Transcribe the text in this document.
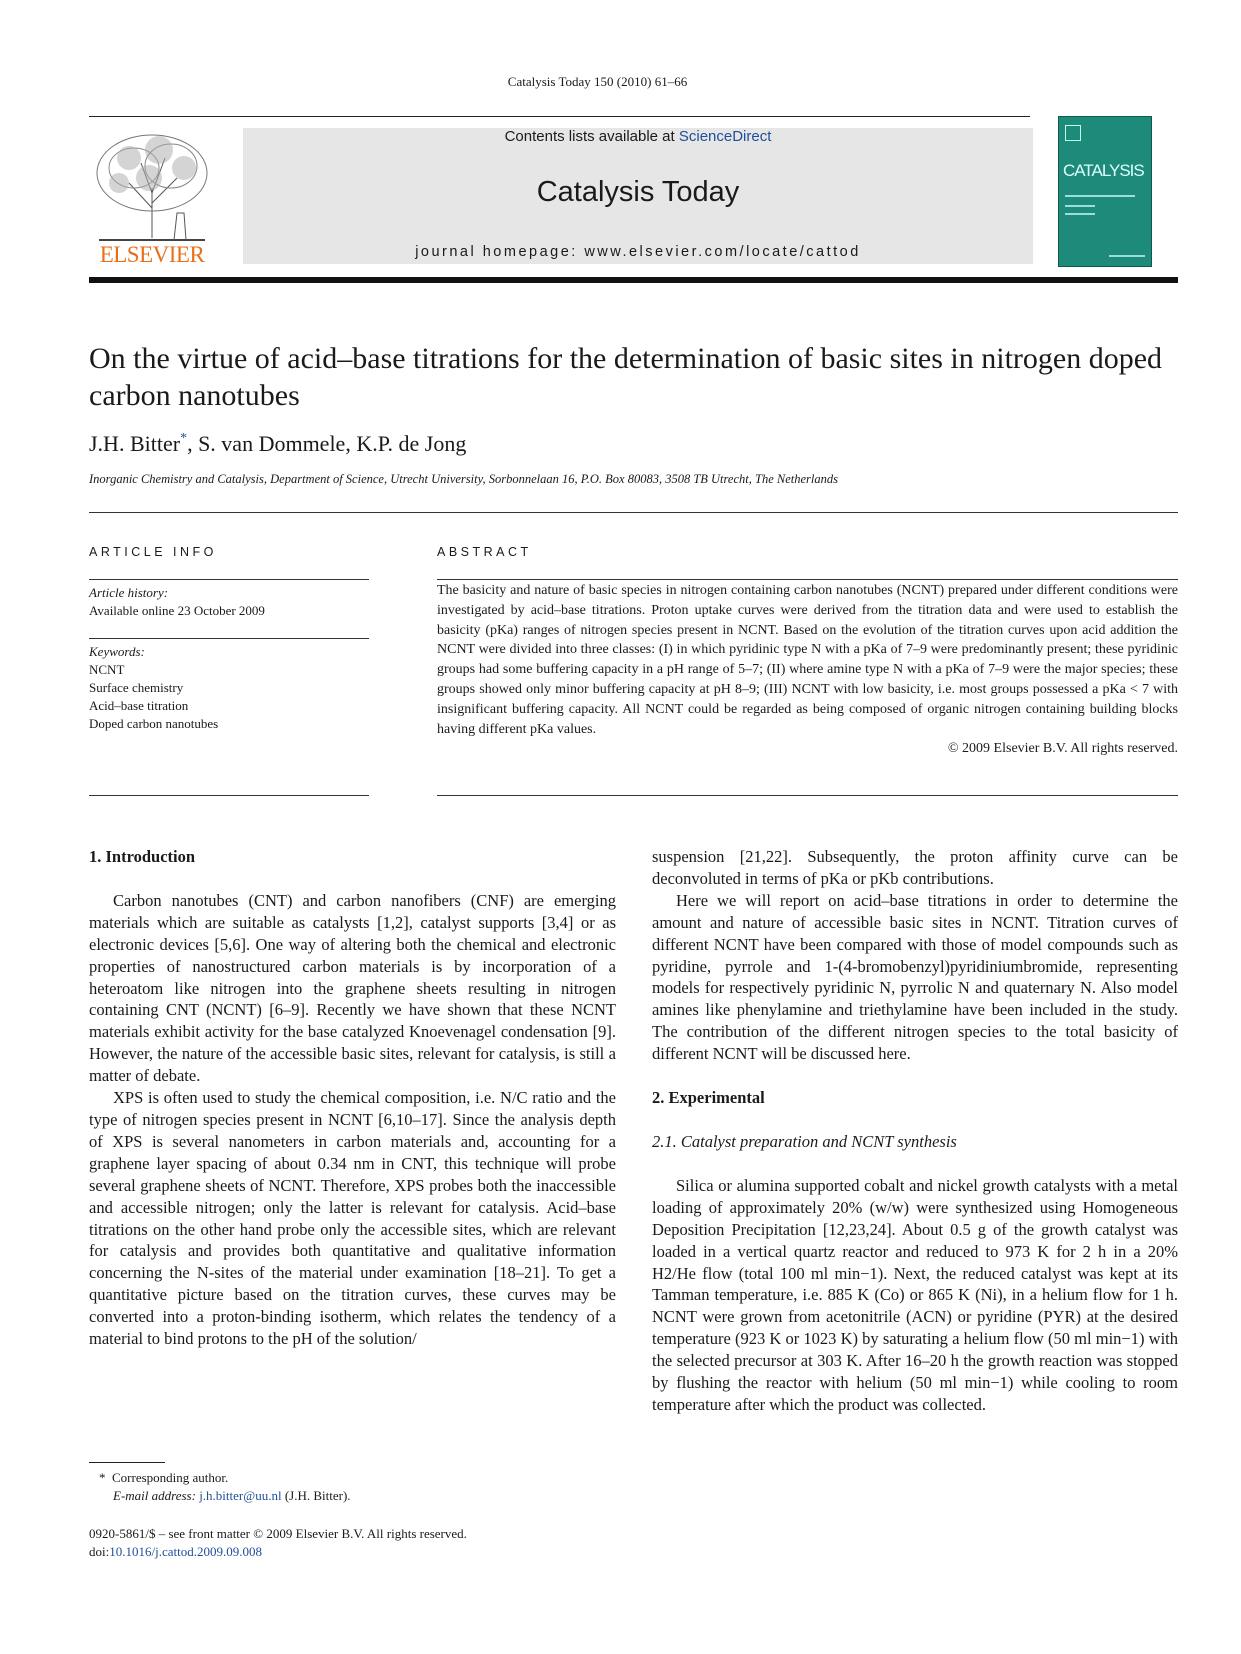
Catalysis Today 150 (2010) 61–66
ELSEVIER
Contents lists available at ScienceDirect
Catalysis Today
journal homepage: www.elsevier.com/locate/cattod
CATALYSIS
On the virtue of acid–base titrations for the determination of basic sites in nitrogen doped carbon nanotubes
J.H. Bitter*, S. van Dommele, K.P. de Jong
Inorganic Chemistry and Catalysis, Department of Science, Utrecht University, Sorbonnelaan 16, P.O. Box 80083, 3508 TB Utrecht, The Netherlands
ARTICLE INFO
Article history:
Available online 23 October 2009
Keywords:
NCNT
Surface chemistry
Acid–base titration
Doped carbon nanotubes
ABSTRACT
The basicity and nature of basic species in nitrogen containing carbon nanotubes (NCNT) prepared under different conditions were investigated by acid–base titrations. Proton uptake curves were derived from the titration data and were used to establish the basicity (pKa) ranges of nitrogen species present in NCNT. Based on the evolution of the titration curves upon acid addition the NCNT were divided into three classes: (I) in which pyridinic type N with a pKa of 7–9 were predominantly present; these pyridinic groups had some buffering capacity in a pH range of 5–7; (II) where amine type N with a pKa of 7–9 were the major species; these groups showed only minor buffering capacity at pH 8–9; (III) NCNT with low basicity, i.e. most groups possessed a pKa < 7 with insignificant buffering capacity. All NCNT could be regarded as being composed of organic nitrogen containing building blocks having different pKa values.
© 2009 Elsevier B.V. All rights reserved.
1. Introduction

Carbon nanotubes (CNT) and carbon nanofibers (CNF) are emerging materials which are suitable as catalysts [1,2], catalyst supports [3,4] or as electronic devices [5,6]. One way of altering both the chemical and electronic properties of nanostructured carbon materials is by incorporation of a heteroatom like nitrogen into the graphene sheets resulting in nitrogen containing CNT (NCNT) [6–9]. Recently we have shown that these NCNT materials exhibit activity for the base catalyzed Knoevenagel condensation [9]. However, the nature of the accessible basic sites, relevant for catalysis, is still a matter of debate.

XPS is often used to study the chemical composition, i.e. N/C ratio and the type of nitrogen species present in NCNT [6,10–17]. Since the analysis depth of XPS is several nanometers in carbon materials and, accounting for a graphene layer spacing of about 0.34 nm in CNT, this technique will probe several graphene sheets of NCNT. Therefore, XPS probes both the inaccessible and accessible nitrogen; only the latter is relevant for catalysis. Acid–base titrations on the other hand probe only the accessible sites, which are relevant for catalysis and provides both quantitative and qualitative information concerning the N-sites of the material under examination [18–21]. To get a quantitative picture based on the titration curves, these curves may be converted into a proton-binding isotherm, which relates the tendency of a material to bind protons to the pH of the solution/

suspension [21,22]. Subsequently, the proton affinity curve can be deconvoluted in terms of pKa or pKb contributions.

Here we will report on acid–base titrations in order to determine the amount and nature of accessible basic sites in NCNT. Titration curves of different NCNT have been compared with those of model compounds such as pyridine, pyrrole and 1-(4-bromobenzyl)pyridiniumbromide, representing models for respectively pyridinic N, pyrrolic N and quaternary N. Also model amines like phenylamine and triethylamine have been included in the study. The contribution of the different nitrogen species to the total basicity of different NCNT will be discussed here.

2. Experimental
2.1. Catalyst preparation and NCNT synthesis

Silica or alumina supported cobalt and nickel growth catalysts with a metal loading of approximately 20% (w/w) were synthesized using Homogeneous Deposition Precipitation [12,23,24]. About 0.5 g of the growth catalyst was loaded in a vertical quartz reactor and reduced to 973 K for 2 h in a 20% H2/He flow (total 100 ml min−1). Next, the reduced catalyst was kept at its Tamman temperature, i.e. 885 K (Co) or 865 K (Ni), in a helium flow for 1 h. NCNT were grown from acetonitrile (ACN) or pyridine (PYR) at the desired temperature (923 K or 1023 K) by saturating a helium flow (50 ml min−1) with the selected precursor at 303 K. After 16–20 h the growth reaction was stopped by flushing the reactor with helium (50 ml min−1) while cooling to room temperature after which the product was collected.

* Corresponding author.
E-mail address: j.h.bitter@uu.nl (J.H. Bitter).
0920-5861/$ – see front matter © 2009 Elsevier B.V. All rights reserved.
doi:10.1016/j.cattod.2009.09.008
